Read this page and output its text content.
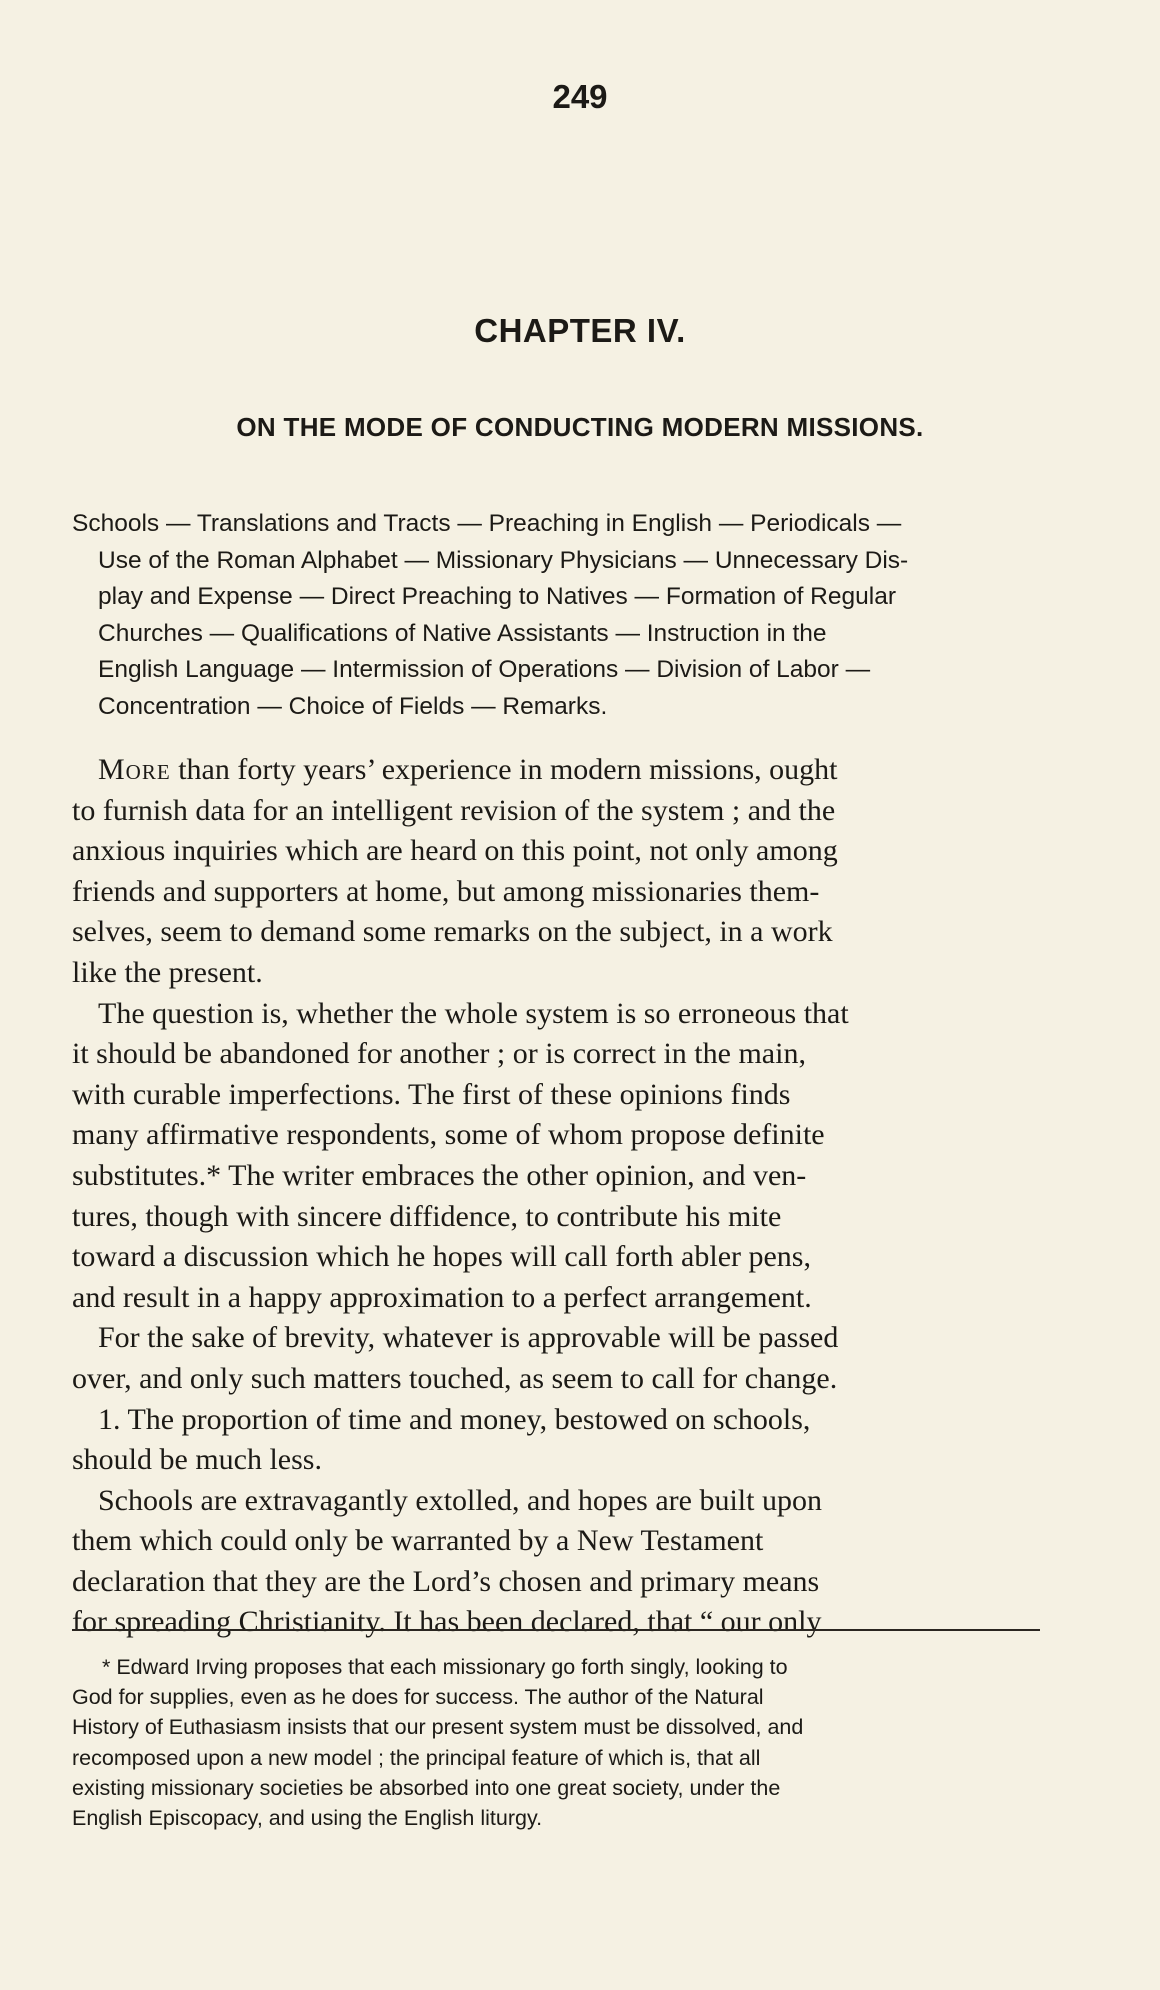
249
CHAPTER IV.
ON THE MODE OF CONDUCTING MODERN MISSIONS.
Schools — Translations and Tracts — Preaching in English — Periodicals —
Use of the Roman Alphabet — Missionary Physicians — Unnecessary Dis-
play and Expense — Direct Preaching to Natives — Formation of Regular
Churches — Qualifications of Native Assistants — Instruction in the
English Language — Intermission of Operations — Division of Labor —
Concentration — Choice of Fields — Remarks.
More than forty years’ experience in modern missions, ought
to furnish data for an intelligent revision of the system ; and the
anxious inquiries which are heard on this point, not only among
friends and supporters at home, but among missionaries them-
selves, seem to demand some remarks on the subject, in a work
like the present.
The question is, whether the whole system is so erroneous that
it should be abandoned for another ; or is correct in the main,
with curable imperfections. The first of these opinions finds
many affirmative respondents, some of whom propose definite
substitutes.* The writer embraces the other opinion, and ven-
tures, though with sincere diffidence, to contribute his mite
toward a discussion which he hopes will call forth abler pens,
and result in a happy approximation to a perfect arrangement.
For the sake of brevity, whatever is approvable will be passed
over, and only such matters touched, as seem to call for change.
1. The proportion of time and money, bestowed on schools,
should be much less.
Schools are extravagantly extolled, and hopes are built upon
them which could only be warranted by a New Testament
declaration that they are the Lord’s chosen and primary means
for spreading Christianity. It has been declared, that “ our only
* Edward Irving proposes that each missionary go forth singly, looking to
God for supplies, even as he does for success. The author of the Natural
History of Euthasiasm insists that our present system must be dissolved, and
recomposed upon a new model ; the principal feature of which is, that all
existing missionary societies be absorbed into one great society, under the
English Episcopacy, and using the English liturgy.
